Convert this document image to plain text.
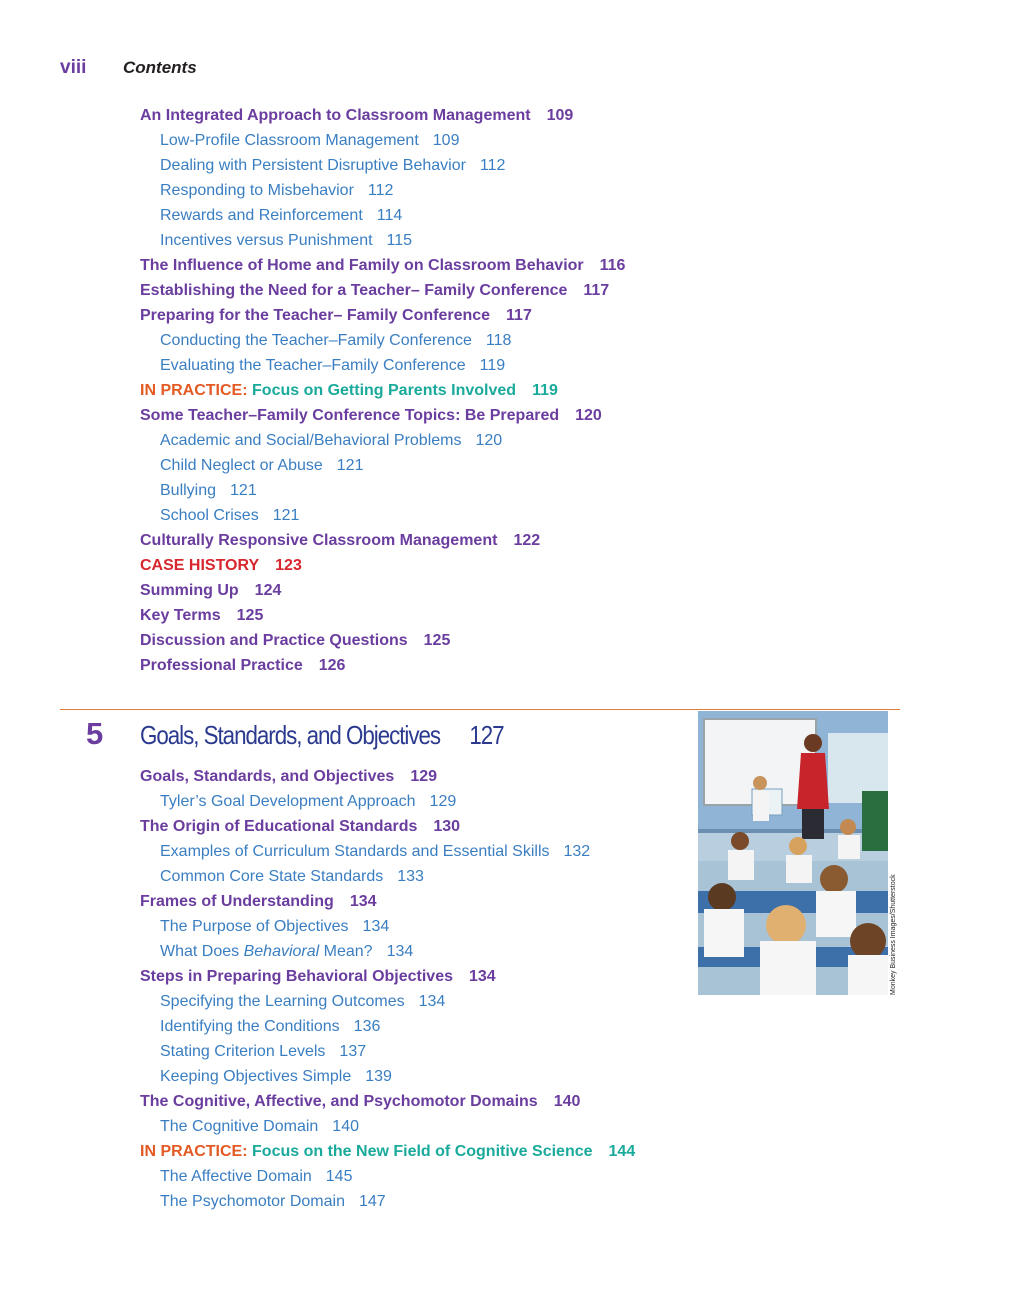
viii	Contents
An Integrated Approach to Classroom Management 109
Low-Profile Classroom Management 109
Dealing with Persistent Disruptive Behavior 112
Responding to Misbehavior 112
Rewards and Reinforcement 114
Incentives versus Punishment 115
The Influence of Home and Family on Classroom Behavior 116
Establishing the Need for a Teacher– Family Conference 117
Preparing for the Teacher– Family Conference 117
Conducting the Teacher–Family Conference 118
Evaluating the Teacher–Family Conference 119
IN PRACTICE: Focus on Getting Parents Involved 119
Some Teacher–Family Conference Topics: Be Prepared 120
Academic and Social/Behavioral Problems 120
Child Neglect or Abuse 121
Bullying 121
School Crises 121
Culturally Responsive Classroom Management 122
CASE HISTORY 123
Summing Up 124
Key Terms 125
Discussion and Practice Questions 125
Professional Practice 126
5 Goals, Standards, and Objectives 127
Monkey Business Images/Shutterstock
Goals, Standards, and Objectives 129
Tyler’s Goal Development Approach 129
The Origin of Educational Standards 130
Examples of Curriculum Standards and Essential Skills 132
Common Core State Standards 133
Frames of Understanding 134
The Purpose of Objectives 134
What Does Behavioral Mean? 134
Steps in Preparing Behavioral Objectives 134
Specifying the Learning Outcomes 134
Identifying the Conditions 136
Stating Criterion Levels 137
Keeping Objectives Simple 139
The Cognitive, Affective, and Psychomotor Domains 140
The Cognitive Domain 140
IN PRACTICE: Focus on the New Field of Cognitive Science 144
The Affective Domain 145
The Psychomotor Domain 147
